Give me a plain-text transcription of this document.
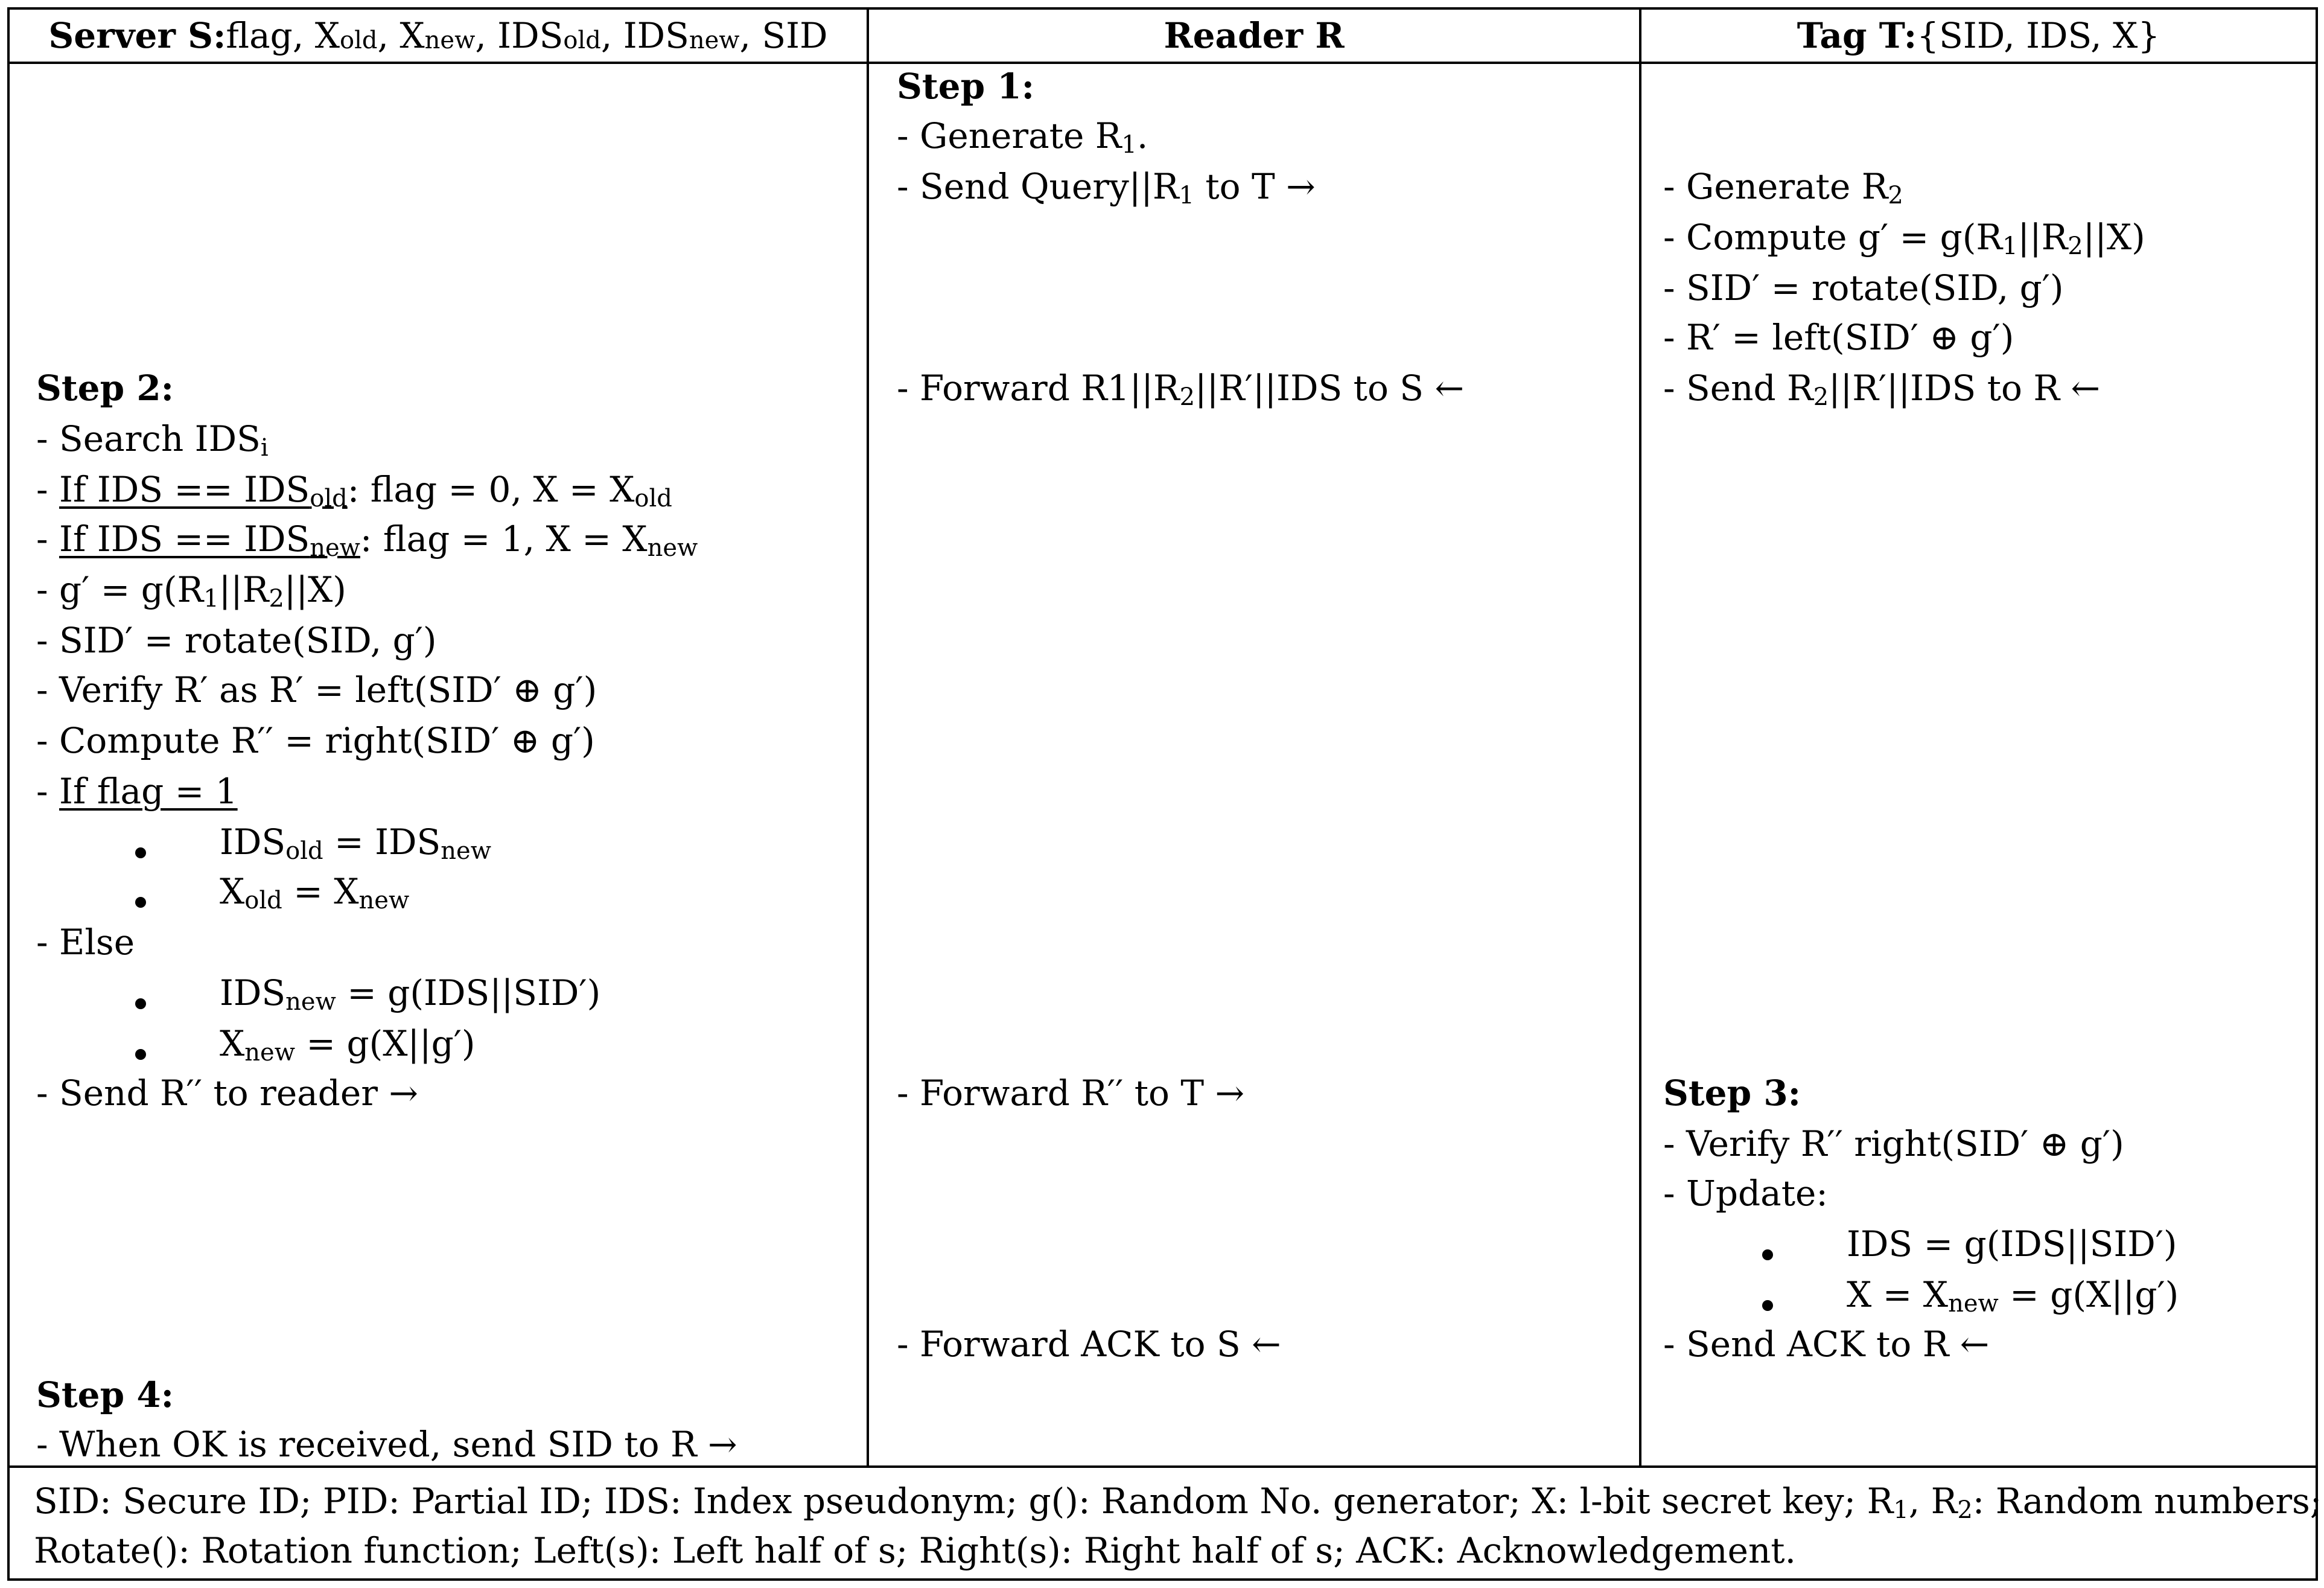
Server S: flag, $X_{old}$ , $X_{new}$ , $IDS_{old}$ , $IDS_{new}$ , SID	Reader R	Tag T: {SID, IDS, X}
Step 1:
- Generate $R_1$.
- Send $Query||R_1$ to T →
- Forward $R1||R_2||R'||IDS$ to S ←
- Forward R′′ to T →
- Forward ACK to S ←
- Generate $R_2$
- Compute $g' = g(R_1||R_2||X)$
- SID′ = rotate(SID, g′)
- R′ = left(SID′ ⊕ g′)
- Send $R_2||R'||IDS$ to R ←
Step 3:
- Verify R′′ right(SID′ ⊕ g′)
- Update:
IDS = g(IDS||SID′)
$X = X_{new} = g(X||g')$
- Send ACK to R ←
Step 2:
- Search $IDS_i$
- If IDS == $IDS_{old}$: flag = 0, $X = X_{old}$
- If IDS == $IDS_{new}$: flag = 1, $X = X_{new}$
- $g' = g(R_1||R_2||X)$
- SID′ = rotate(SID, g′)
- Verify R′ as R′ = left(SID′ ⊕ g′)
- Compute R′′ = right(SID′ ⊕ g′)
- If flag = 1
$IDS_{old} = IDS_{new}$
$X_{old} = X_{new}$
- Else
$IDS_{new} = g(IDS||SID')$
$X_{new} = g(X||g')$
- Send R′′ to reader →
Step 4:
- When OK is received, send SID to R →
SID: Secure ID; PID: Partial ID; IDS: Index pseudonym; g(): Random No. generator; X: l-bit secret key; $R_1$, $R_2$: Random numbers;
Rotate(): Rotation function; Left(s): Left half of s; Right(s): Right half of s; ACK: Acknowledgement.
